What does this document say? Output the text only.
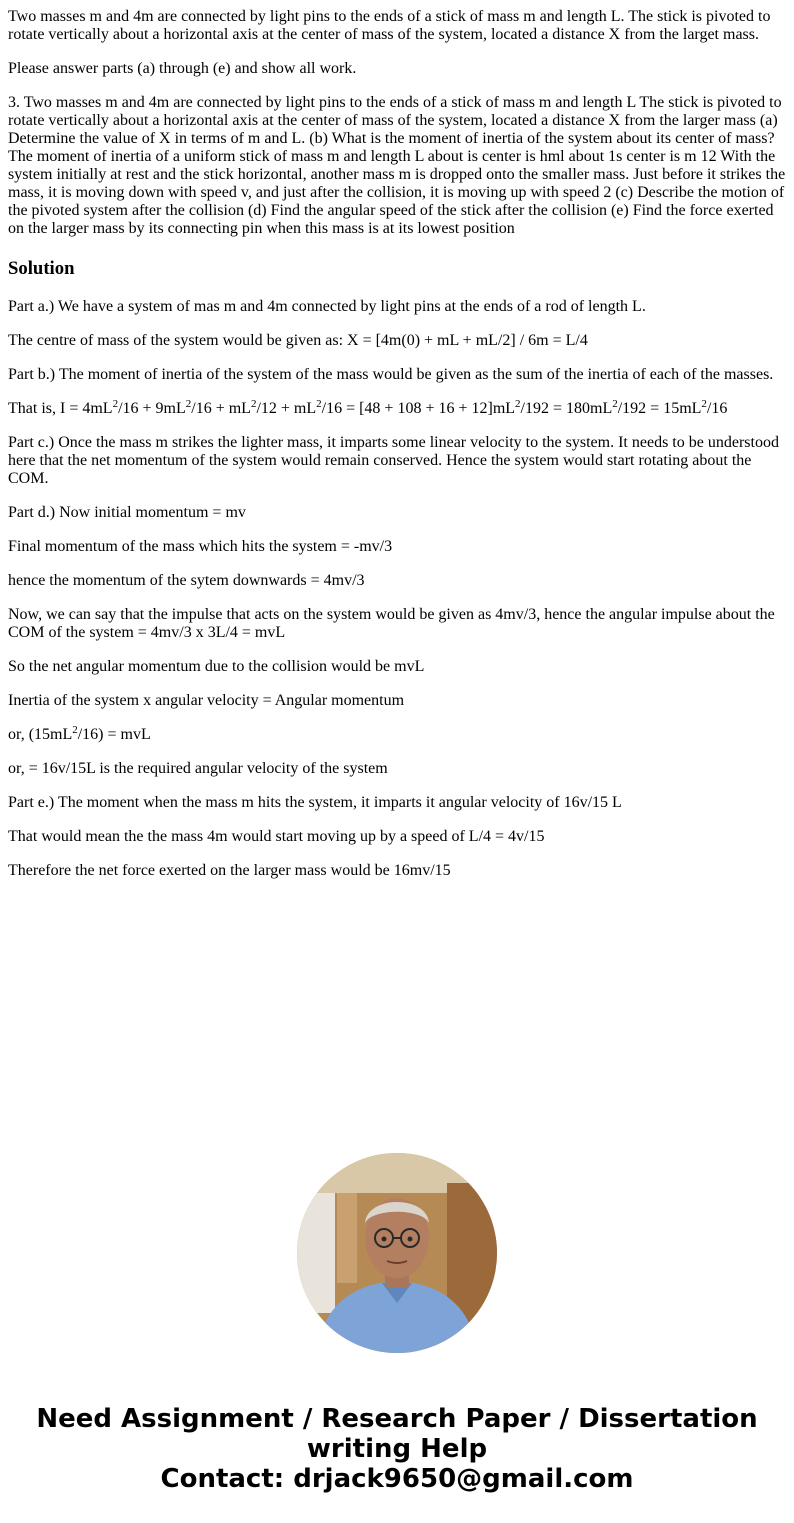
Two masses m and 4m are connected by light pins to the ends of a stick of mass m and length L. The stick is pivoted to rotate vertically about a horizontal axis at the center of mass of the system, located a distance X from the larget mass.

Please answer parts (a) through (e) and show all work.

3. Two masses m and 4m are connected by light pins to the ends of a stick of mass m and length L The stick is pivoted to rotate vertically about a horizontal axis at the center of mass of the system, located a distance X from the larger mass (a) Determine the value of X in terms of m and L. (b) What is the moment of inertia of the system about its center of mass? The moment of inertia of a uniform stick of mass m and length L about is center is hml about 1s center is m 12 With the system initially at rest and the stick horizontal, another mass m is dropped onto the smaller mass. Just before it strikes the mass, it is moving down with speed v, and just after the collision, it is moving up with speed 2 (c) Describe the motion of the pivoted system after the collision (d) Find the angular speed of the stick after the collision (e) Find the force exerted on the larger mass by its connecting pin when this mass is at its lowest position

Solution

Part a.) We have a system of mas m and 4m connected by light pins at the ends of a rod of length L.

The centre of mass of the system would be given as: X = [4m(0) + mL + mL/2] / 6m = L/4

Part b.) The moment of inertia of the system of the mass would be given as the sum of the inertia of each of the masses.

That is, $I = 4mL^2/16 + 9mL^2/16 + mL^2/12 + mL^2/16 = [48 + 108 + 16 + 12]mL^2/192 = 180mL^2/192 = 15mL^2/16$

Part c.) Once the mass m strikes the lighter mass, it imparts some linear velocity to the system. It needs to be understood here that the net momentum of the system would remain conserved. Hence the system would start rotating about the COM.

Part d.) Now initial momentum = mv

Final momentum of the mass which hits the system = -mv/3

hence the momentum of the sytem downwards = 4mv/3

Now, we can say that the impulse that acts on the system would be given as 4mv/3, hence the angular impulse about the COM of the system = 4mv/3 x 3L/4 = mvL

So the net angular momentum due to the collision would be mvL

Inertia of the system x angular velocity = Angular momentum

or, $(15mL^2/16)$ = mvL

or, = 16v/15L is the required angular velocity of the system

Part e.) The moment when the mass m hits the system, it imparts it angular velocity of 16v/15 L

That would mean the the mass 4m would start moving up by a speed of L/4 = 4v/15

Therefore the net force exerted on the larger mass would be 16mv/15

Need Assignment / Research Paper / Dissertation
writing Help
Contact: drjack9650@gmail.com
